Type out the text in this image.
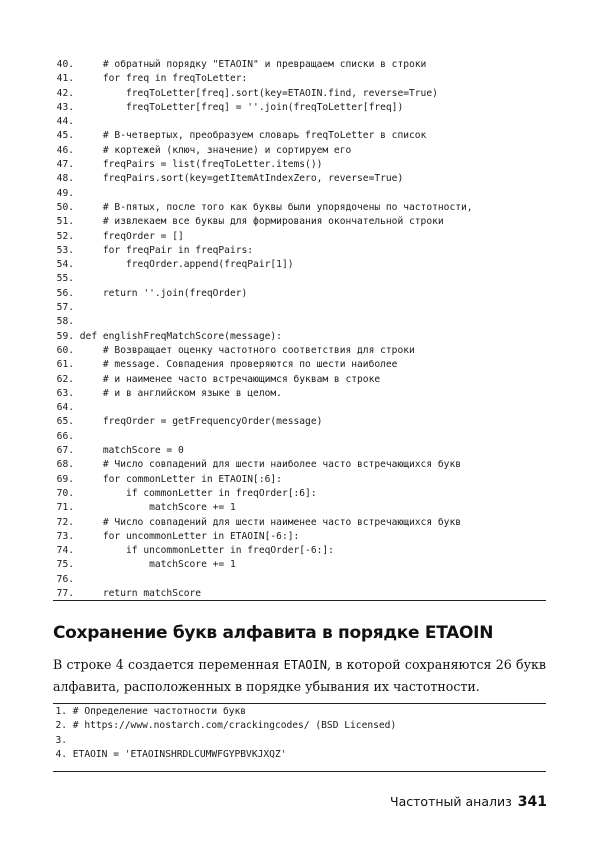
40.     # обратный порядку "ETAOIN" и превращаем списки в строки
41.     for freq in freqToLetter:
42.         freqToLetter[freq].sort(key=ETAOIN.find, reverse=True)
43.         freqToLetter[freq] = ''.join(freqToLetter[freq])
44.
45.     # В-четвертых, преобразуем словарь freqToLetter в список
46.     # кортежей (ключ, значение) и сортируем его
47.     freqPairs = list(freqToLetter.items())
48.     freqPairs.sort(key=getItemAtIndexZero, reverse=True)
49.
50.     # В-пятых, после того как буквы были упорядочены по частотности,
51.     # извлекаем все буквы для формирования окончательной строки
52.     freqOrder = []
53.     for freqPair in freqPairs:
54.         freqOrder.append(freqPair[1])
55.
56.     return ''.join(freqOrder)
57.
58.
59. def englishFreqMatchScore(message):
60.     # Возвращает оценку частотного соответствия для строки
61.     # message. Совпадения проверяются по шести наиболее
62.     # и наименее часто встречающимся буквам в строке
63.     # и в английском языке в целом.
64.
65.     freqOrder = getFrequencyOrder(message)
66.
67.     matchScore = 0
68.     # Число совпадений для шести наиболее часто встречающихся букв
69.     for commonLetter in ETAOIN[:6]:
70.         if commonLetter in freqOrder[:6]:
71.             matchScore += 1
72.     # Число совпадений для шести наименее часто встречающихся букв
73.     for uncommonLetter in ETAOIN[-6:]:
74.         if uncommonLetter in freqOrder[-6:]:
75.             matchScore += 1
76.
77.     return matchScore
Сохранение букв алфавита в порядке ETAOIN
В строке 4 создается переменная ETAOIN, в которой сохраняются 26 букв алфавита, расположенных в порядке убывания их частотности.
1. # Определение частотности букв
2. # https://www.nostarch.com/crackingcodes/ (BSD Licensed)
3.
4. ETAOIN = 'ETAOINSHRDLCUMWFGYPBVKJXQZ'
Частотный анализ 341
